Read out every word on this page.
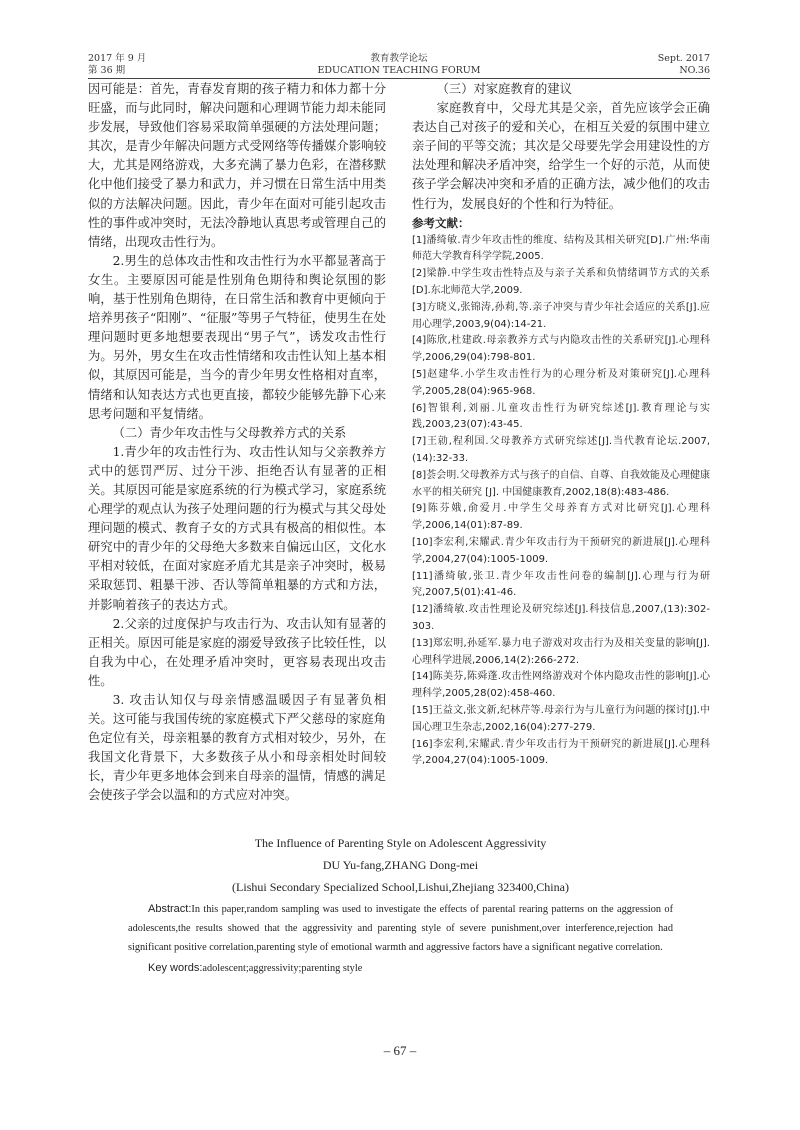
2017 年 9 月
第 36 期
教育教学论坛
EDUCATION TEACHING FORUM
Sept. 2017
NO.36

因可能是：首先，青春发育期的孩子精力和体力都十分旺盛，而与此同时，解决问题和心理调节能力却未能同步发展，导致他们容易采取简单强硬的方法处理问题；其次，是青少年解决问题方式受网络等传播媒介影响较大，尤其是网络游戏，大多充满了暴力色彩，在潜移默化中他们接受了暴力和武力，并习惯在日常生活中用类似的方法解决问题。因此，青少年在面对可能引起攻击性的事件或冲突时，无法冷静地认真思考或管理自己的情绪，出现攻击性行为。

2.男生的总体攻击性和攻击性行为水平都显著高于女生。主要原因可能是性别角色期待和舆论氛围的影响，基于性别角色期待，在日常生活和教育中更倾向于培养男孩子“阳刚”、“征服”等男子气特征，使男生在处理问题时更多地想要表现出“男子气”，诱发攻击性行为。另外，男女生在攻击性情绪和攻击性认知上基本相似，其原因可能是，当今的青少年男女性格相对直率，情绪和认知表达方式也更直接，都较少能够先静下心来思考问题和平复情绪。

（二）青少年攻击性与父母教养方式的关系

1.青少年的攻击性行为、攻击性认知与父亲教养方式中的惩罚严厉、过分干涉、拒绝否认有显著的正相关。其原因可能是家庭系统的行为模式学习，家庭系统心理学的观点认为孩子处理问题的行为模式与其父母处理问题的模式、教育子女的方式具有极高的相似性。本研究中的青少年的父母绝大多数来自偏远山区，文化水平相对较低，在面对家庭矛盾尤其是亲子冲突时，极易采取惩罚、粗暴干涉、否认等简单粗暴的方式和方法，并影响着孩子的表达方式。

2.父亲的过度保护与攻击行为、攻击认知有显著的正相关。原因可能是家庭的溺爱导致孩子比较任性，以自我为中心，在处理矛盾冲突时，更容易表现出攻击性。

3. 攻击认知仅与母亲情感温暖因子有显著负相关。这可能与我国传统的家庭模式下严父慈母的家庭角色定位有关，母亲粗暴的教育方式相对较少，另外，在我国文化背景下，大多数孩子从小和母亲相处时间较长，青少年更多地体会到来自母亲的温情，情感的满足会使孩子学会以温和的方式应对冲突。

（三）对家庭教育的建议

家庭教育中，父母尤其是父亲，首先应该学会正确表达自己对孩子的爱和关心，在相互关爱的氛围中建立亲子间的平等交流；其次是父母要先学会用建设性的方法处理和解决矛盾冲突，给学生一个好的示范，从而使孩子学会解决冲突和矛盾的正确方法，减少他们的攻击性行为，发展良好的个性和行为特征。

参考文献：
[1]潘绮敏.青少年攻击性的维度、结构及其相关研究[D].广州:华南师范大学教育科学学院,2005.
[2]梁静.中学生攻击性特点及与亲子关系和负情绪调节方式的关系[D].东北师范大学,2009.
[3]方晓义,张锦涛,孙莉,等.亲子冲突与青少年社会适应的关系[J].应用心理学,2003,9(04):14-21.
[4]陈欣,杜建政.母亲教养方式与内隐攻击性的关系研究[J].心理科学,2006,29(04):798-801.
[5]赵建华.小学生攻击性行为的心理分析及对策研究[J].心理科学,2005,28(04):965-968.
[6]智银利,刘丽.儿童攻击性行为研究综述[J].教育理论与实践,2003,23(07):43-45.
[7]王勍,程利国.父母教养方式研究综述[J].当代教育论坛.2007,(14):32-33.
[8]荟会明.父母教养方式与孩子的自信、自尊、自我效能及心理健康水平的相关研究 [J]. 中国健康教育,2002,18(8):483-486.
[9]陈芬娥,俞爱月.中学生父母养育方式对比研究[J].心理科学,2006,14(01):87-89.
[10]李宏利,宋耀武.青少年攻击行为干预研究的新进展[J].心理科学,2004,27(04):1005-1009.
[11]潘绮敏,张卫.青少年攻击性问卷的编制[J].心理与行为研究,2007,5(01):41-46.
[12]潘绮敏.攻击性理论及研究综述[J].科技信息,2007,(13):302-303.
[13]郑宏明,孙延军.暴力电子游戏对攻击行为及相关变量的影响[J].心理科学进展,2006,14(2):266-272.
[14]陈美芬,陈舜蓬.攻击性网络游戏对个体内隐攻击性的影响[J].心理科学,2005,28(02):458-460.
[15]王益文,张文新,纪林芹等.母亲行为与儿童行为问题的探讨[J].中国心理卫生杂志,2002,16(04):277-279.
[16]李宏利,宋耀武.青少年攻击行为干预研究的新进展[J].心理科学,2004,27(04):1005-1009.
The Influence of Parenting Style on Adolescent Aggressivity
DU Yu-fang,ZHANG Dong-mei
(Lishui Secondary Specialized School,Lishui,Zhejiang 323400,China)
Abstract:In this paper,random sampling was used to investigate the effects of parental rearing patterns on the aggression of adolescents,the results showed that the aggressivity and parenting style of severe punishment,over interference,rejection had significant positive correlation,parenting style of emotional warmth and aggressive factors have a significant negative correlation.
Key words:adolescent;aggressivity;parenting style
– 67 –
